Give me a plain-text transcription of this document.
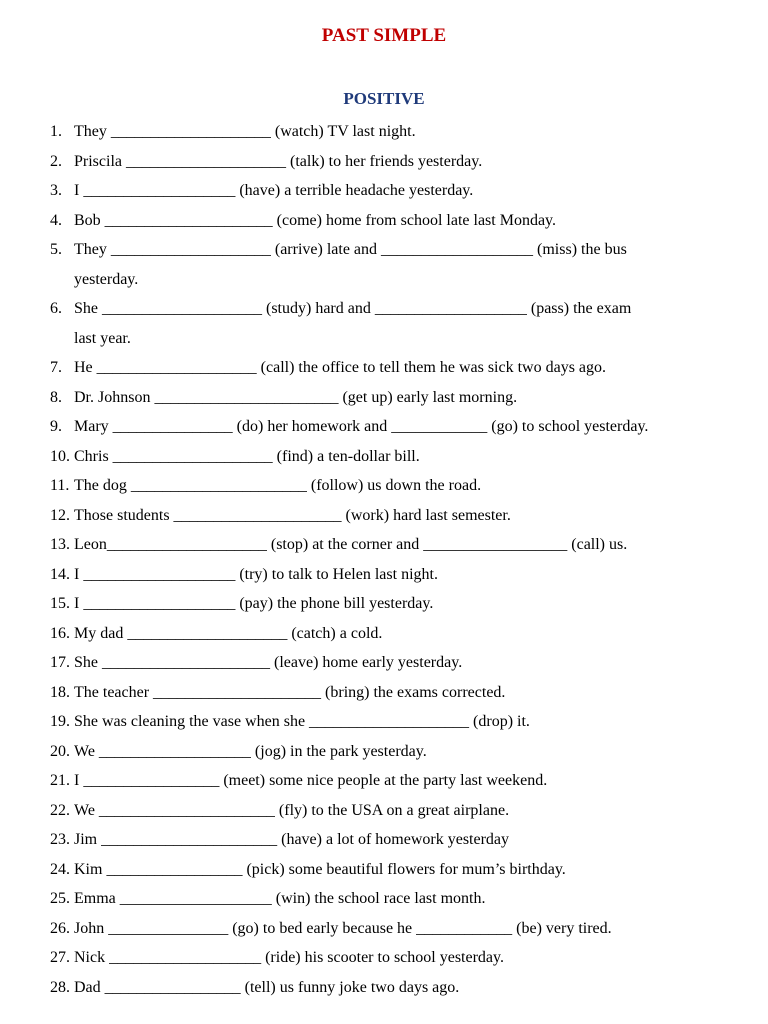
PAST SIMPLE
POSITIVE
1. They ____________________ (watch) TV last night.
2. Priscila ____________________ (talk) to her friends yesterday.
3. I ___________________ (have) a terrible headache yesterday.
4. Bob _____________________ (come) home from school late last Monday.
5. They ____________________ (arrive) late and ___________________ (miss) the bus
yesterday.
6. She ____________________ (study) hard and ___________________ (pass) the exam
last year.
7. He ____________________ (call) the office to tell them he was sick two days ago.
8. Dr. Johnson _______________________ (get up) early last morning.
9. Mary _______________ (do) her homework and ____________ (go) to school yesterday.
10. Chris ____________________ (find) a ten-dollar bill.
11. The dog ______________________ (follow) us down the road.
12. Those students _____________________ (work) hard last semester.
13. Leon____________________ (stop) at the corner and __________________ (call) us.
14. I ___________________ (try) to talk to Helen last night.
15. I ___________________ (pay) the phone bill yesterday.
16. My dad ____________________ (catch) a cold.
17. She _____________________ (leave) home early yesterday.
18. The teacher _____________________ (bring) the exams corrected.
19. She was cleaning the vase when she ____________________ (drop) it.
20. We ___________________ (jog) in the park yesterday.
21. I _________________ (meet) some nice people at the party last weekend.
22. We ______________________ (fly) to the USA on a great airplane.
23. Jim ______________________ (have) a lot of homework yesterday
24. Kim _________________ (pick) some beautiful flowers for mum’s birthday.
25. Emma ___________________ (win) the school race last month.
26. John _______________ (go) to bed early because he ____________ (be) very tired.
27. Nick ___________________ (ride) his scooter to school yesterday.
28. Dad _________________ (tell) us funny joke two days ago.
